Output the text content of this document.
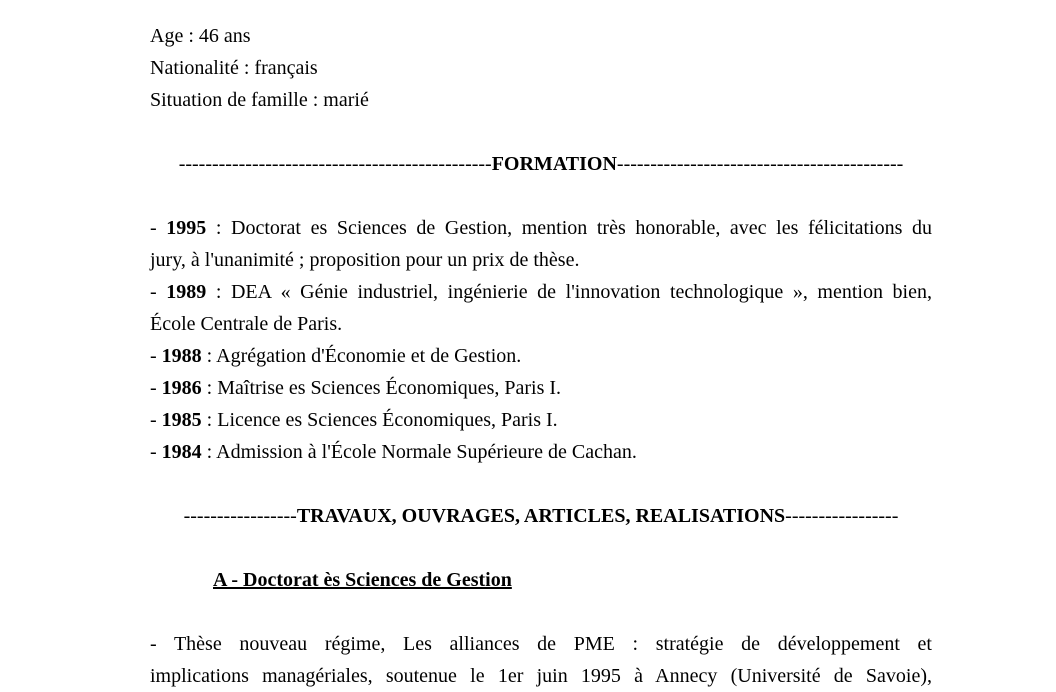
Age : 46 ans
Nationalité : français
Situation de famille : marié
-----------------------------------------------FORMATION-------------------------------------------
- 1995 : Doctorat es Sciences de Gestion, mention très honorable, avec les félicitations du
jury, à l'unanimité ; proposition pour un prix de thèse.
- 1989 : DEA « Génie industriel, ingénierie de l'innovation technologique », mention bien,
École Centrale de Paris.
- 1988 : Agrégation d'Économie et de Gestion.
- 1986 : Maîtrise es Sciences Économiques, Paris I.
- 1985 : Licence es Sciences Économiques, Paris I.
- 1984 : Admission à l'École Normale Supérieure de Cachan.
-----------------TRAVAUX, OUVRAGES, ARTICLES, REALISATIONS-----------------
A - Doctorat ès Sciences de Gestion
- Thèse nouveau régime, Les alliances de PME : stratégie de développement et
implications managériales, soutenue le 1er juin 1995 à Annecy (Université de Savoie),
